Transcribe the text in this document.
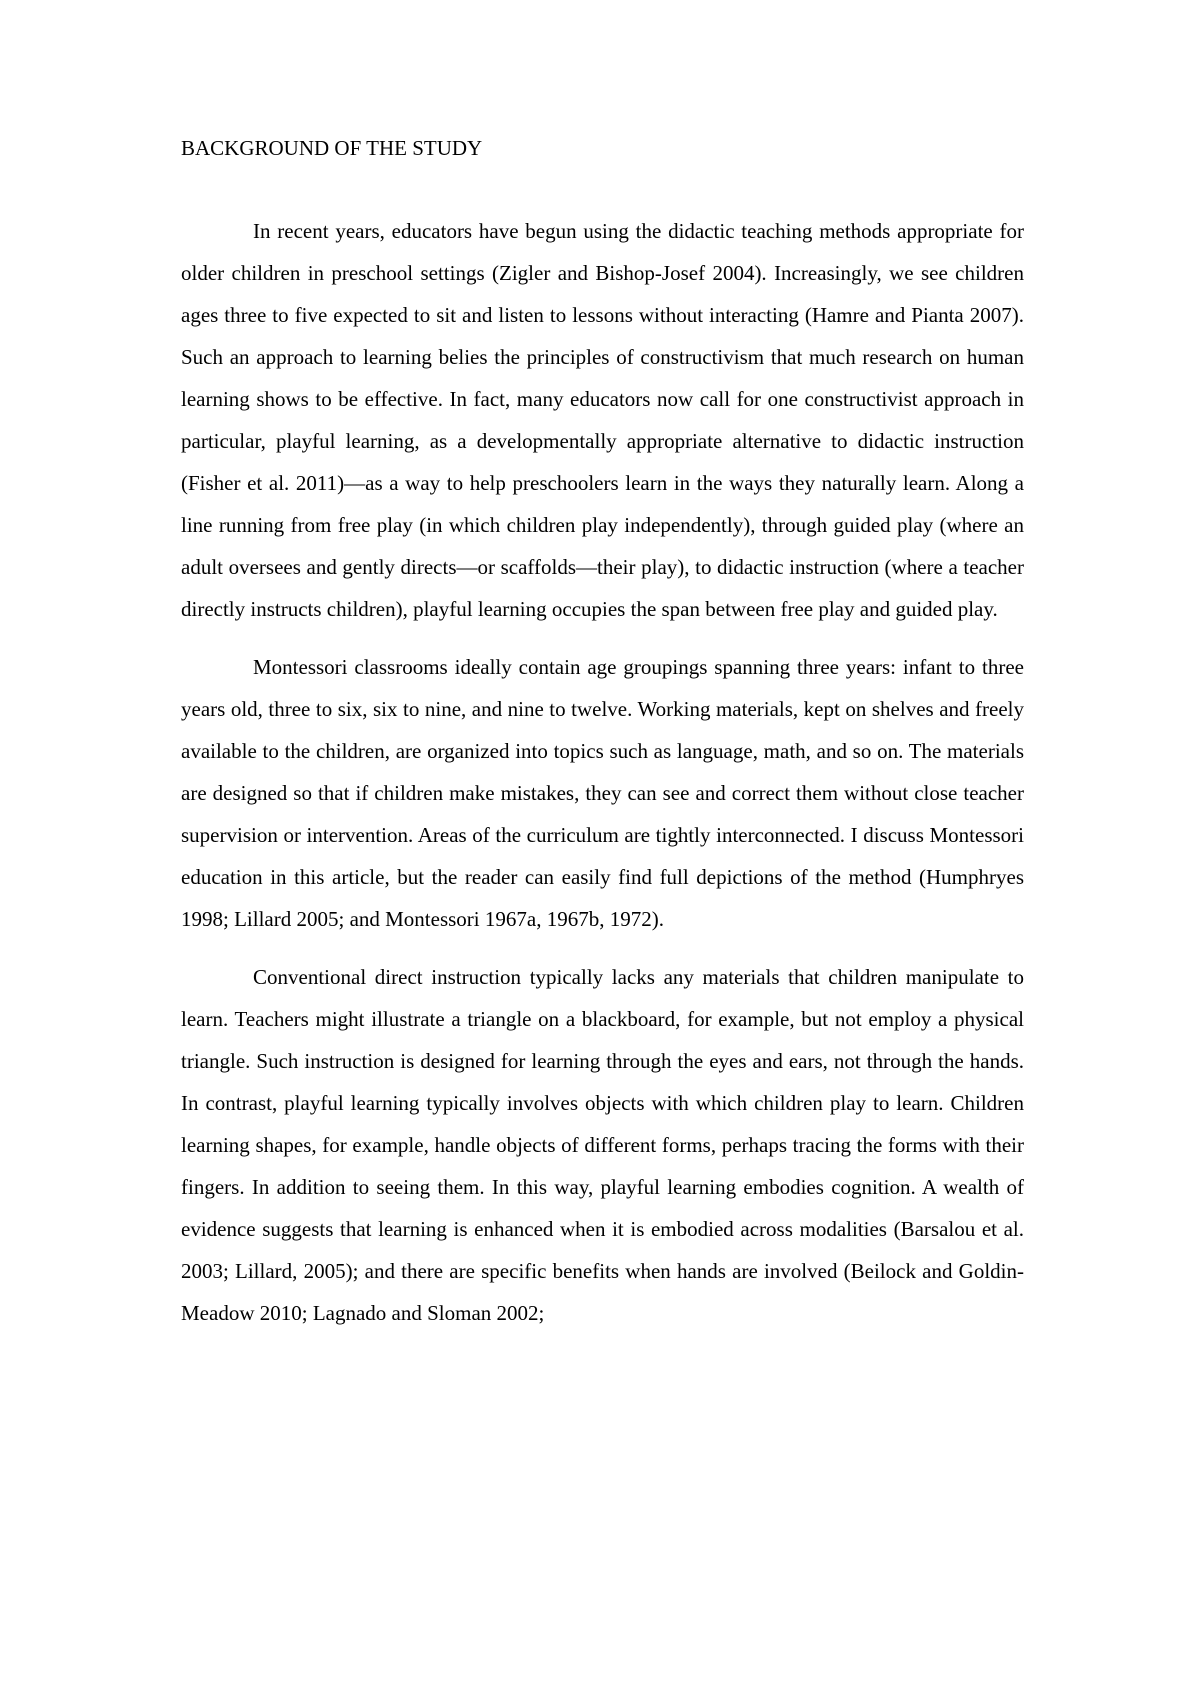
BACKGROUND OF THE STUDY

In recent years, educators have begun using the didactic teaching methods appropriate for older children in preschool settings (Zigler and Bishop-Josef 2004). Increasingly, we see children ages three to five expected to sit and listen to lessons without interacting (Hamre and Pianta 2007). Such an approach to learning belies the principles of constructivism that much research on human learning shows to be effective. In fact, many educators now call for one constructivist approach in particular, playful learning, as a developmentally appropriate alternative to didactic instruction (Fisher et al. 2011)—as a way to help preschoolers learn in the ways they naturally learn. Along a line running from free play (in which children play independently), through guided play (where an adult oversees and gently directs—or scaffolds—their play), to didactic instruction (where a teacher directly instructs children), playful learning occupies the span between free play and guided play.

Montessori classrooms ideally contain age groupings spanning three years: infant to three years old, three to six, six to nine, and nine to twelve. Working materials, kept on shelves and freely available to the children, are organized into topics such as language, math, and so on. The materials are designed so that if children make mistakes, they can see and correct them without close teacher supervision or intervention. Areas of the curriculum are tightly interconnected. I discuss Montessori education in this article, but the reader can easily find full depictions of the method (Humphryes 1998; Lillard 2005; and Montessori 1967a, 1967b, 1972).

Conventional direct instruction typically lacks any materials that children manipulate to learn. Teachers might illustrate a triangle on a blackboard, for example, but not employ a physical triangle. Such instruction is designed for learning through the eyes and ears, not through the hands. In contrast, playful learning typically involves objects with which children play to learn. Children learning shapes, for example, handle objects of different forms, perhaps tracing the forms with their fingers. In addition to seeing them. In this way, playful learning embodies cognition. A wealth of evidence suggests that learning is enhanced when it is embodied across modalities (Barsalou et al. 2003; Lillard, 2005); and there are specific benefits when hands are involved (Beilock and Goldin-Meadow 2010; Lagnado and Sloman 2002;
